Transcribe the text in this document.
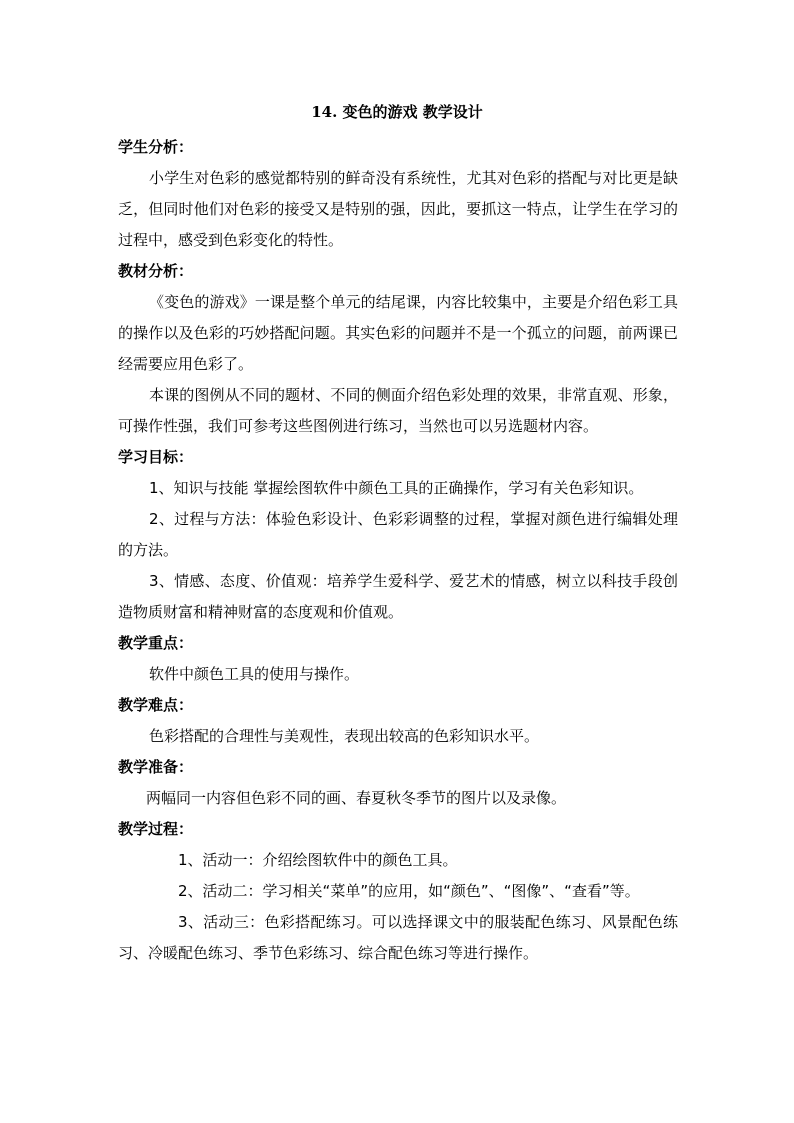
14. 变色的游戏 教学设计
学生分析：
小学生对色彩的感觉都特别的鲜奇没有系统性，尤其对色彩的搭配与对比更是缺乏，但同时他们对色彩的接受又是特别的强，因此，要抓这一特点，让学生在学习的过程中，感受到色彩变化的特性。
教材分析：
《变色的游戏》一课是整个单元的结尾课，内容比较集中，主要是介绍色彩工具的操作以及色彩的巧妙搭配问题。其实色彩的问题并不是一个孤立的问题，前两课已经需要应用色彩了。
本课的图例从不同的题材、不同的侧面介绍色彩处理的效果，非常直观、形象，可操作性强，我们可参考这些图例进行练习，当然也可以另选题材内容。
学习目标：
1、知识与技能 掌握绘图软件中颜色工具的正确操作，学习有关色彩知识。
2、过程与方法：体验色彩设计、色彩彩调整的过程，掌握对颜色进行编辑处理的方法。
3、情感、态度、价值观：培养学生爱科学、爱艺术的情感，树立以科技手段创造物质财富和精神财富的态度观和价值观。
教学重点：
软件中颜色工具的使用与操作。
教学难点：
色彩搭配的合理性与美观性，表现出较高的色彩知识水平。
教学准备：
两幅同一内容但色彩不同的画、春夏秋冬季节的图片以及录像。
教学过程：
1、活动一：介绍绘图软件中的颜色工具。
2、活动二：学习相关“菜单”的应用，如“颜色”、“图像”、“查看”等。
3、活动三：色彩搭配练习。可以选择课文中的服装配色练习、风景配色练习、冷暖配色练习、季节色彩练习、综合配色练习等进行操作。
